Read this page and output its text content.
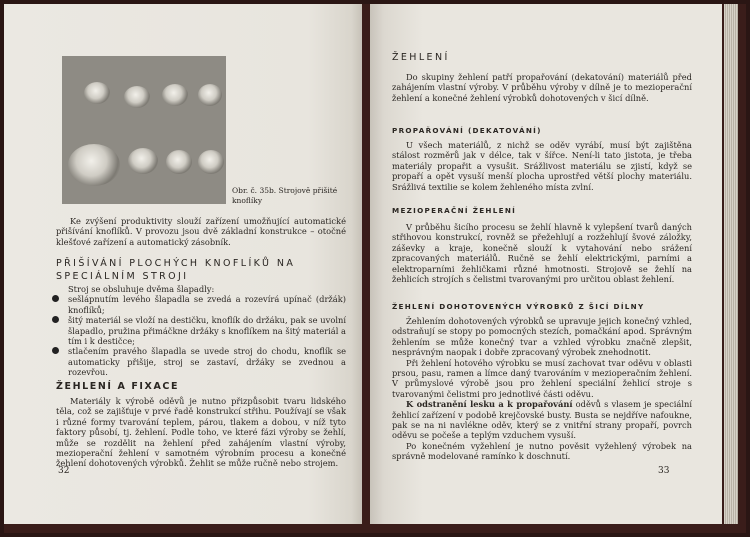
Obr. č. 35b. Strojově přišité knoflíky

Ke zvýšení produktivity slouží zařízení umožňující automatické přišívání knoflíků. V provozu jsou dvě základní konstrukce – otočné klešťové zařízení a automatický zásobník.

PŘIŠÍVÁNÍ PLOCHÝCH KNOFLÍKŮ NA SPECIÁLNÍM STROJI

Stroj se obsluhuje dvěma šlapadly:

sešlápnutím levého šlapadla se zvedá a rozevírá upínač (držák) knoflíků;
šitý materiál se vloží na destičku, knoflík do držáku, pak se uvolní šlapadlo, pružina přimáčkne držáky s knoflíkem na šitý materiál a tím i k destičce;
stlačením pravého šlapadla se uvede stroj do chodu, knoflík se automaticky přišije, stroj se zastaví, držáky se zvednou a rozevřou.
ŽEHLENÍ A FIXACE

Materiály k výrobě oděvů je nutno přizpůsobit tvaru lidského těla, což se zajišťuje v prvé řadě konstrukcí střihu. Používají se však i různé formy tvarování teplem, párou, tlakem a dobou, v níž tyto faktory působí, tj. žehlení. Podle toho, ve které fázi výroby se žehlí, může se rozdělit na žehlení před zahájením vlastní výroby, mezioperační žehlení v samotném výrobním procesu a konečné žehlení dohotovených výrobků. Žehlit se může ručně nebo strojem.

32
ŽEHLENÍ

Do skupiny žehlení patří propařování (dekatování) materiálů před zahájením vlastní výroby. V průběhu výroby v dílně je to mezioperační žehlení a konečné žehlení výrobků dohotovených v šicí dílně.

PROPAŘOVÁNÍ (DEKATOVÁNÍ)

U všech materiálů, z nichž se oděv vyrábí, musí být zajištěna stálost rozměrů jak v délce, tak v šířce. Není-li tato jistota, je třeba materiály propařit a vysušit. Srážlivost materiálu se zjistí, když se propaří a opět vysuší menší plocha uprostřed větší plochy materiálu. Srážlivá textilie se kolem žehleného místa zvlní.

MEZIOPERAČNÍ ŽEHLENÍ

V průběhu šicího procesu se žehlí hlavně k vylepšení tvarů daných střihovou konstrukcí, rovněž se přežehlují a rozžehlují švové záložky, záševky a kraje, konečně slouží k vytahování nebo srážení zpracovaných materiálů. Ručně se žehlí elektrickými, parními a elektroparními žehličkami různé hmotnosti. Strojově se žehlí na žehlicích strojích s čelistmi tvarovanými pro určitou oblast žehlení.

ŽEHLENÍ DOHOTOVENÝCH VÝROBKŮ Z ŠICÍ DÍLNY

Žehlením dohotovených výrobků se upravuje jejich konečný vzhled, odstraňují se stopy po pomocných stezích, pomačkání apod. Správným žehlením se může konečný tvar a vzhled výrobku značně zlepšit, nesprávným naopak i dobře zpracovaný výrobek znehodnotit.

Při žehlení hotového výrobku se musí zachovat tvar oděvu v oblasti prsou, pasu, ramen a límce daný tvarováním v mezioperačním žehlení. V průmyslové výrobě jsou pro žehlení speciální žehlicí stroje s tvarovanými čelistmi pro jednotlivé části oděvu.

K odstranění lesku a k propařování oděvů s vlasem je speciální žehlicí zařízení v podobě krejčovské busty. Busta se nejdříve nafoukne, pak se na ni navlékne oděv, který se z vnitřní strany propaří, povrch oděvu se počeše a teplým vzduchem vysuší.

Po konečném vyžehlení je nutno pověsit vyžehlený výrobek na správně modelované ramínko k doschnutí.

33
